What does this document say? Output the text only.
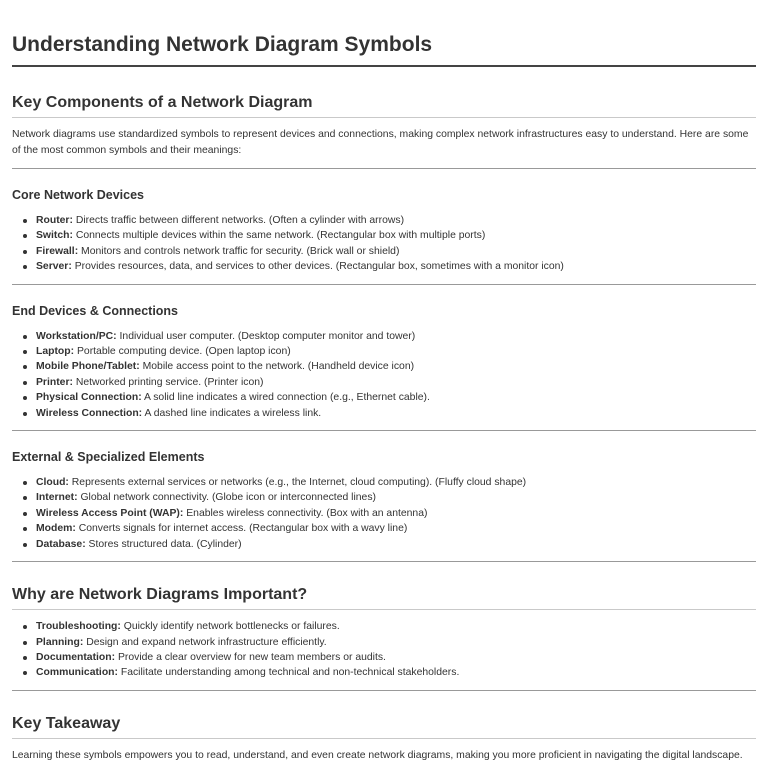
Understanding Network Diagram Symbols
Key Components of a Network Diagram

Network diagrams use standardized symbols to represent devices and connections, making complex network infrastructures easy to understand. Here are some of the most common symbols and their meanings:

Core Network Devices
Router: Directs traffic between different networks. (Often a cylinder with arrows)
Switch: Connects multiple devices within the same network. (Rectangular box with multiple ports)
Firewall: Monitors and controls network traffic for security. (Brick wall or shield)
Server: Provides resources, data, and services to other devices. (Rectangular box, sometimes with a monitor icon)
End Devices & Connections
Workstation/PC: Individual user computer. (Desktop computer monitor and tower)
Laptop: Portable computing device. (Open laptop icon)
Mobile Phone/Tablet: Mobile access point to the network. (Handheld device icon)
Printer: Networked printing service. (Printer icon)
Physical Connection: A solid line indicates a wired connection (e.g., Ethernet cable).
Wireless Connection: A dashed line indicates a wireless link.
External & Specialized Elements
Cloud: Represents external services or networks (e.g., the Internet, cloud computing). (Fluffy cloud shape)
Internet: Global network connectivity. (Globe icon or interconnected lines)
Wireless Access Point (WAP): Enables wireless connectivity. (Box with an antenna)
Modem: Converts signals for internet access. (Rectangular box with a wavy line)
Database: Stores structured data. (Cylinder)
Why are Network Diagrams Important?
Troubleshooting: Quickly identify network bottlenecks or failures.
Planning: Design and expand network infrastructure efficiently.
Documentation: Provide a clear overview for new team members or audits.
Communication: Facilitate understanding among technical and non-technical stakeholders.
Key Takeaway

Learning these symbols empowers you to read, understand, and even create network diagrams, making you more proficient in navigating the digital landscape.
